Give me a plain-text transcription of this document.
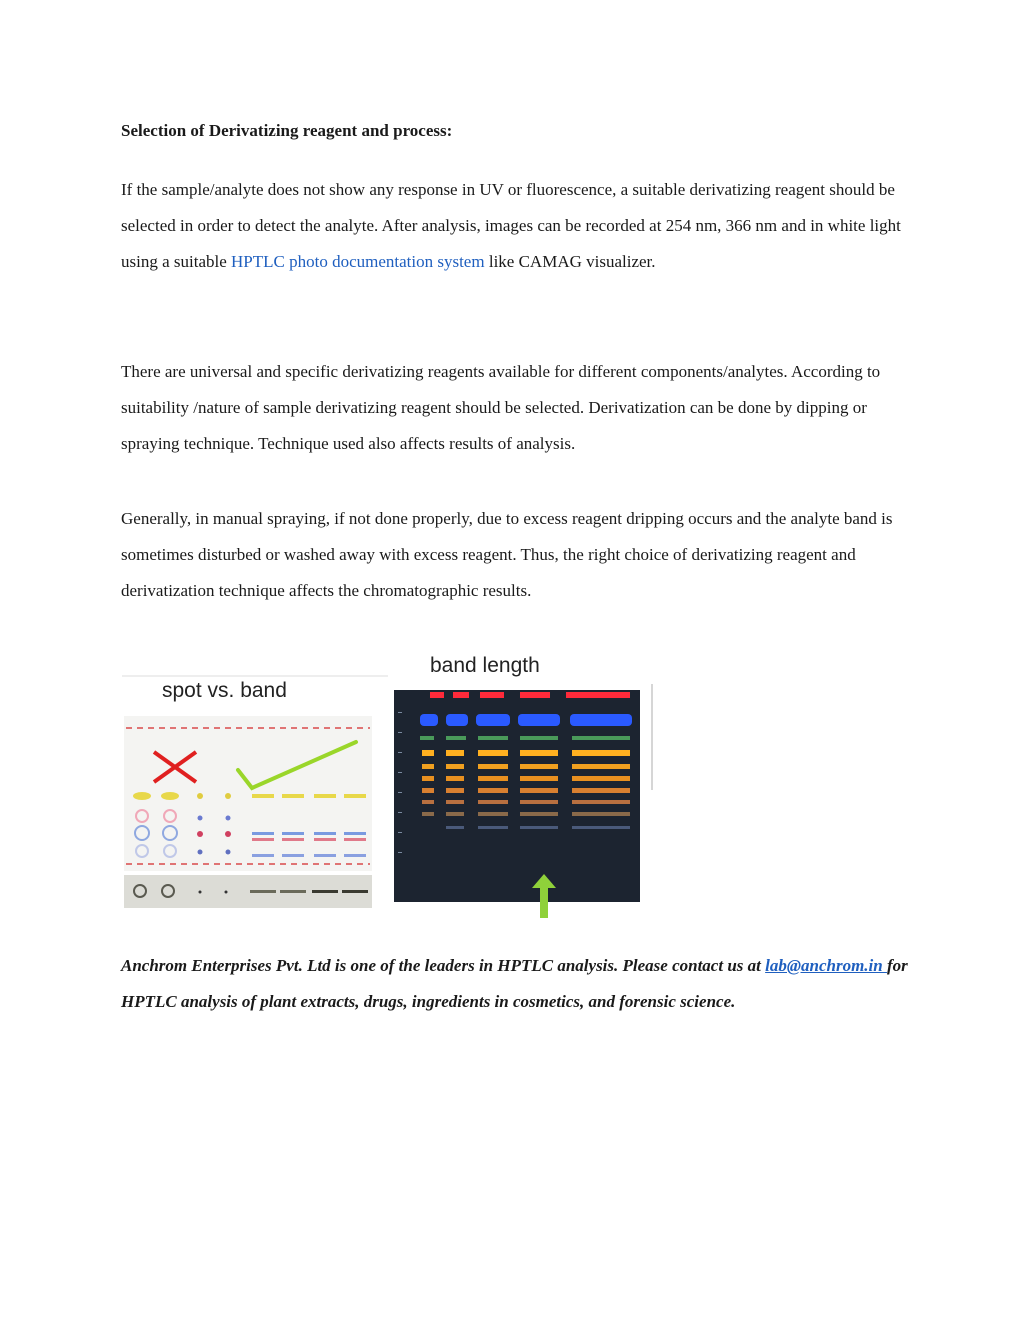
Selection of Derivatizing reagent and process:

If the sample/analyte does not show any response in UV or fluorescence, a suitable derivatizing reagent should be selected in order to detect the analyte. After analysis, images can be recorded at 254 nm, 366 nm and in white light using a suitable HPTLC photo documentation system like CAMAG visualizer.

There are universal and specific derivatizing reagents available for different components/analytes. According to suitability /nature of sample derivatizing reagent should be selected. Derivatization can be done by dipping or spraying technique. Technique used also affects results of analysis.

Generally, in manual spraying, if not done properly, due to excess reagent dripping occurs and the analyte band is sometimes disturbed or washed away with excess reagent. Thus, the right choice of derivatizing reagent and derivatization technique affects the chromatographic results.

spot vs. band
band length

Anchrom Enterprises Pvt. Ltd is one of the leaders in HPTLC analysis. Please contact us at lab@anchrom.in for HPTLC analysis of plant extracts, drugs, ingredients in cosmetics, and forensic science.
